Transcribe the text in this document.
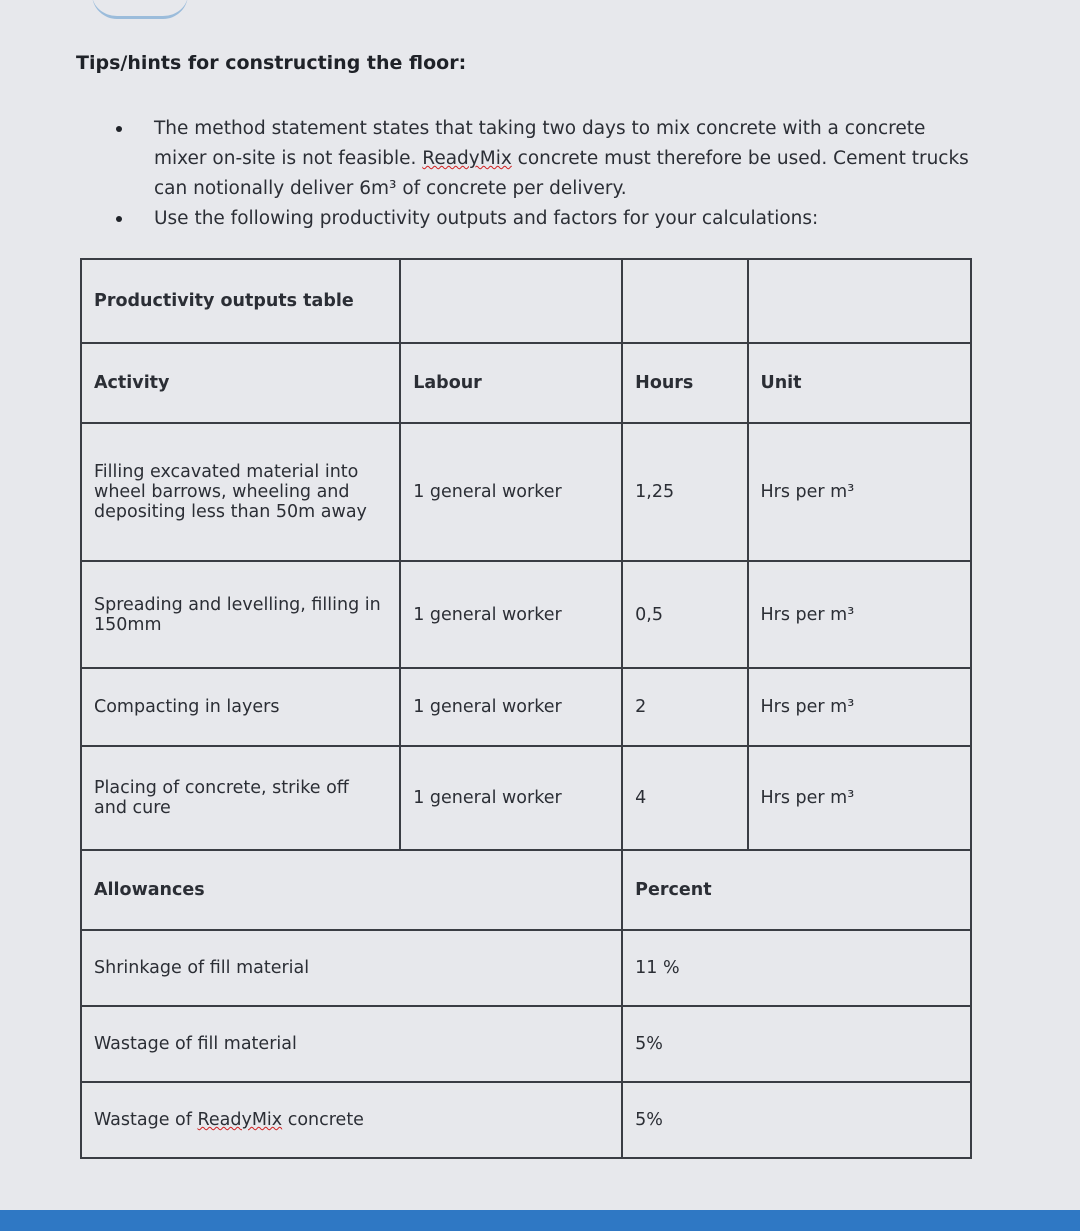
Tips/hints for constructing the floor:
The method statement states that taking two days to mix concrete with a concrete mixer on-site is not feasible. ReadyMix concrete must therefore be used. Cement trucks can notionally deliver 6m³ of concrete per delivery.
Use the following productivity outputs and factors for your calculations:
Productivity outputs table			
Activity	Labour	Hours	Unit
Filling excavated material into wheel barrows, wheeling and depositing less than 50m away	1 general worker	1,25	Hrs per m³
Spreading and levelling, filling in 150mm	1 general worker	0,5	Hrs per m³
Compacting in layers	1 general worker	2	Hrs per m³
Placing of concrete, strike off and cure	1 general worker	4	Hrs per m³
Allowances		Percent	
Shrinkage of fill material		11 %	
Wastage of fill material		5%	
Wastage of ReadyMix concrete		5%	
